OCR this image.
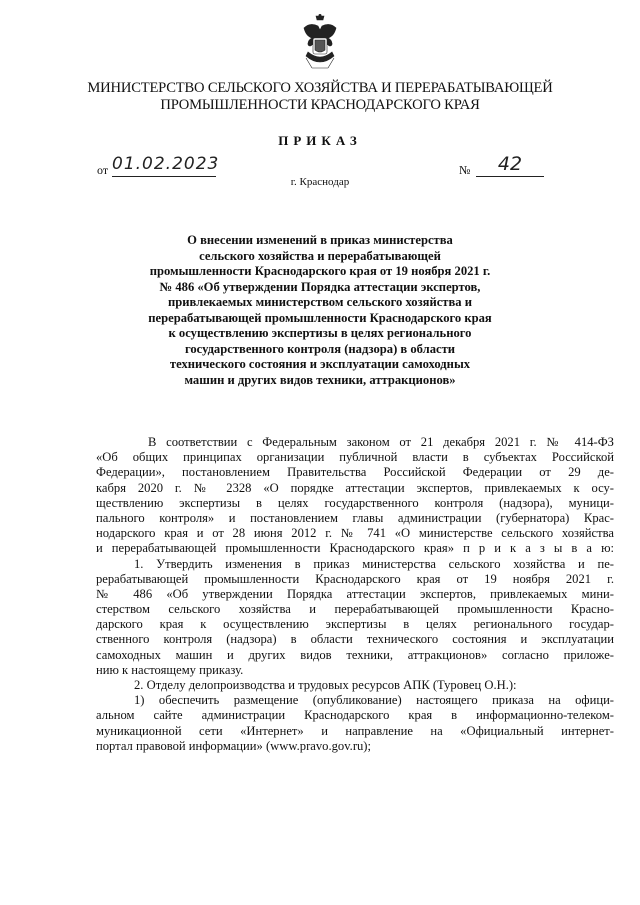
МИНИСТЕРСТВО СЕЛЬСКОГО ХОЗЯЙСТВА И ПЕРЕРАБАТЫВАЮЩЕЙ
ПРОМЫШЛЕННОСТИ КРАСНОДАРСКОГО КРАЯ
ПРИКАЗ
от 01.02.2023	№	42
г. Краснодар
О внесении изменений в приказ министерства
сельского хозяйства и перерабатывающей
промышленности Краснодарского края от 19 ноября 2021 г.
№ 486 «Об утверждении Порядка аттестации экспертов,
привлекаемых министерством сельского хозяйства и
перерабатывающей промышленности Краснодарского края
к осуществлению экспертизы в целях регионального
государственного контроля (надзора) в области
технического состояния и эксплуатации самоходных
машин и других видов техники, аттракционов»
В соответствии с Федеральным законом от 21 декабря 2021 г. № 414-ФЗ
«Об общих принципах организации публичной власти в субъектах Российской
Федерации», постановлением Правительства Российской Федерации от 29 де-
кабря 2020 г. № 2328 «О порядке аттестации экспертов, привлекаемых к осу-
ществлению экспертизы в целях государственного контроля (надзора), муници-
пального контроля» и постановлением главы администрации (губернатора) Крас-
нодарского края и от 28 июня 2012 г. № 741 «О министерстве сельского хозяйства
и перерабатывающей промышленности Краснодарского края» п р и к а з ы в а ю:
1. Утвердить изменения в приказ министерства сельского хозяйства и пе-
рерабатывающей промышленности Краснодарского края от 19 ноября 2021 г.
№ 486 «Об утверждении Порядка аттестации экспертов, привлекаемых мини-
стерством сельского хозяйства и перерабатывающей промышленности Красно-
дарского края к осуществлению экспертизы в целях регионального государ-
ственного контроля (надзора) в области технического состояния и эксплуатации
самоходных машин и других видов техники, аттракционов» согласно приложе-
нию к настоящему приказу.
2. Отделу делопроизводства и трудовых ресурсов АПК (Туровец О.Н.):
1) обеспечить размещение (опубликование) настоящего приказа на офици-
альном сайте администрации Краснодарского края в информационно-телеком-
муникационной сети «Интернет» и направление на «Официальный интернет-
портал правовой информации» (www.pravo.gov.ru);
